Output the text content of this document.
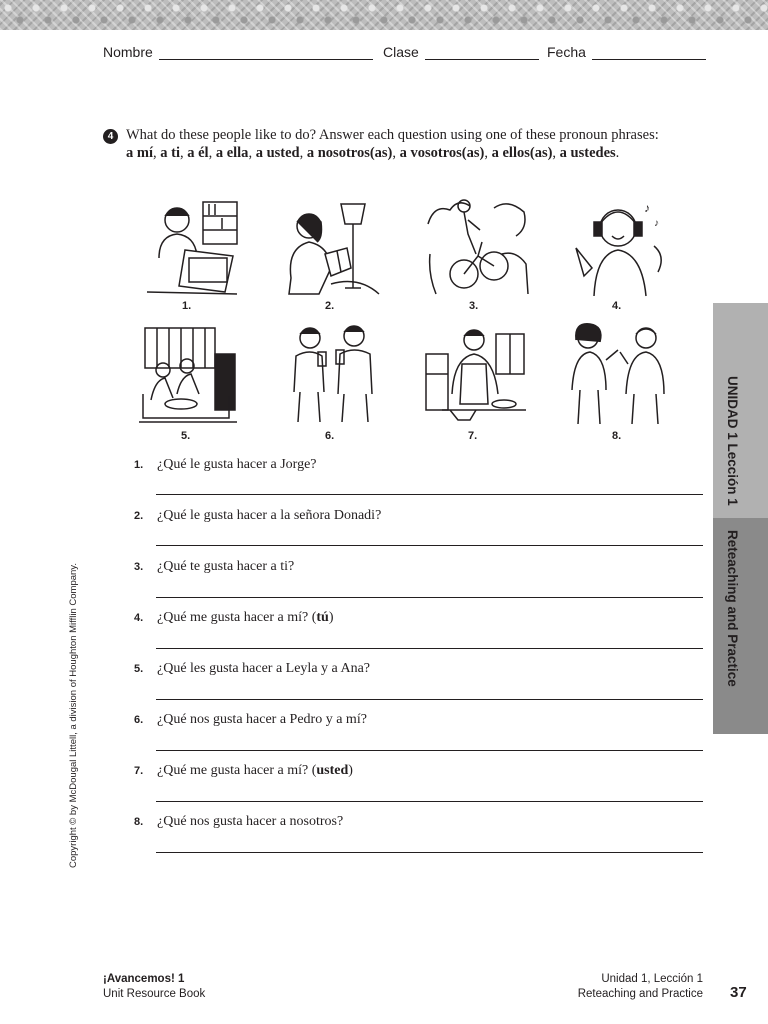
Nombre	Clase	Fecha
4 What do these people like to do? Answer each question using one of these pronoun phrases: a mí, a ti, a él, a ella, a usted, a nosotros(as), a vosotros(as), a ellos(as), a ustedes.
1.	2.	3.
♪
♪
4.
5.	6.	7.	8.
1. ¿Qué le gusta hacer a Jorge?
2. ¿Qué le gusta hacer a la señora Donadi?
3. ¿Qué te gusta hacer a ti?
4. ¿Qué me gusta hacer a mí? (tú)
5. ¿Qué les gusta hacer a Leyla y a Ana?
6. ¿Qué nos gusta hacer a Pedro y a mí?
7. ¿Qué me gusta hacer a mí? (usted)
8. ¿Qué nos gusta hacer a nosotros?
UNIDAD 1 Lección 1
Reteaching and Practice
Copyright © by McDougal Littell, a division of Houghton Mifflin Company.
¡Avancemos! 1
Unit Resource Book
Unidad 1, Lección 1
Reteaching and Practice 37
